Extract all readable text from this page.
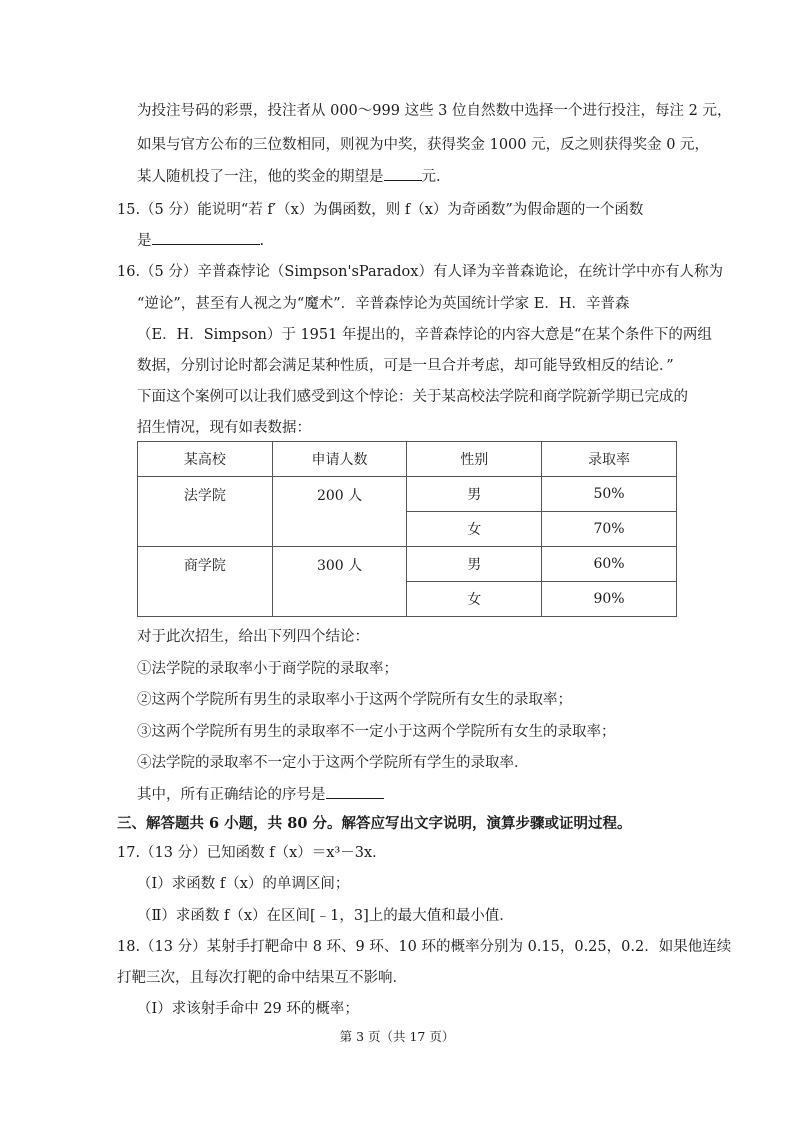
为投注号码的彩票，投注者从 000～999 这些 3 位自然数中选择一个进行投注，每注 2 元，
如果与官方公布的三位数相同，则视为中奖，获得奖金 1000 元，反之则获得奖金 0 元，
某人随机投了一注，他的奖金的期望是	元.
15.（5 分）能说明“若 f′（x）为偶函数，则 f（x）为奇函数”为假命题的一个函数
是	.
16.（5 分）辛普森悖论（Simpson'sParadox）有人译为辛普森诡论，在统计学中亦有人称为
“逆论”，甚至有人视之为“魔术”．辛普森悖论为英国统计学家 E．H．辛普森
（E．H．Simpson）于 1951 年提出的，辛普森悖论的内容大意是“在某个条件下的两组
数据，分别讨论时都会满足某种性质，可是一旦合并考虑，却可能导致相反的结论．”
下面这个案例可以让我们感受到这个悖论：关于某高校法学院和商学院新学期已完成的
招生情况，现有如表数据：
某高校	申请人数	性别	录取率
法学院	200 人	男	50%
		女	70%
商学院	300 人	男	60%
		女	90%
对于此次招生，给出下列四个结论：
①法学院的录取率小于商学院的录取率；
②这两个学院所有男生的录取率小于这两个学院所有女生的录取率；
③这两个学院所有男生的录取率不一定小于这两个学院所有女生的录取率；
④法学院的录取率不一定小于这两个学院所有学生的录取率．
其中，所有正确结论的序号是
三、解答题共 6 小题，共 80 分。解答应写出文字说明，演算步骤或证明过程。
17.（13 分）已知函数 f（x）＝x³－3x．
（Ⅰ）求函数 f（x）的单调区间；
（Ⅱ）求函数 f（x）在区间[﹣1，3]上的最大值和最小值．
18.（13 分）某射手打靶命中 8 环、9 环、10 环的概率分别为 0.15，0.25，0.2．如果他连续
打靶三次，且每次打靶的命中结果互不影响．
（Ⅰ）求该射手命中 29 环的概率；
第 3 页（共 17 页）
